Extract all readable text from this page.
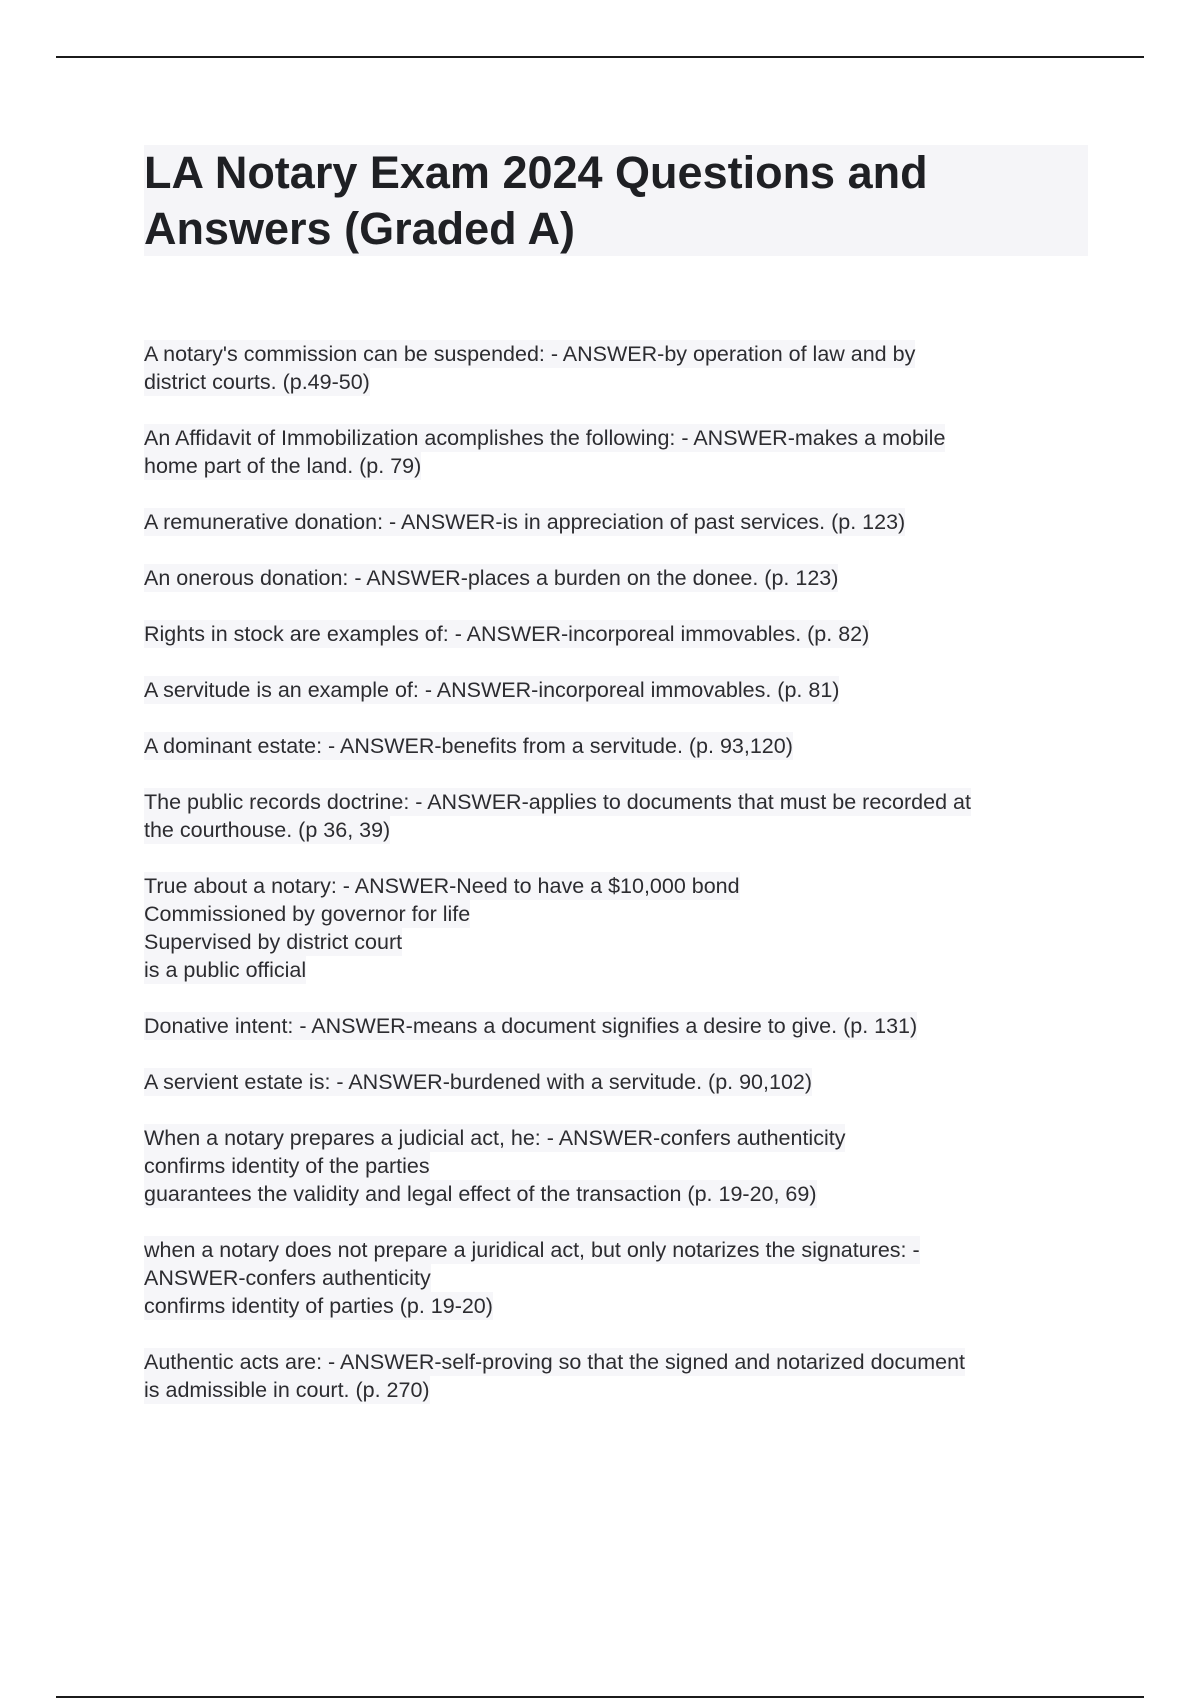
LA Notary Exam 2024 Questions and
Answers (Graded A)
A notary's commission can be suspended: - ANSWER-by operation of law and by
district courts. (p.49-50)
An Affidavit of Immobilization acomplishes the following: - ANSWER-makes a mobile
home part of the land. (p. 79)
A remunerative donation: - ANSWER-is in appreciation of past services. (p. 123)
An onerous donation: - ANSWER-places a burden on the donee. (p. 123)
Rights in stock are examples of: - ANSWER-incorporeal immovables. (p. 82)
A servitude is an example of: - ANSWER-incorporeal immovables. (p. 81)
A dominant estate: - ANSWER-benefits from a servitude. (p. 93,120)
The public records doctrine: - ANSWER-applies to documents that must be recorded at
the courthouse. (p 36, 39)
True about a notary: - ANSWER-Need to have a $10,000 bond
Commissioned by governor for life
Supervised by district court
is a public official
Donative intent: - ANSWER-means a document signifies a desire to give. (p. 131)
A servient estate is: - ANSWER-burdened with a servitude. (p. 90,102)
When a notary prepares a judicial act, he: - ANSWER-confers authenticity
confirms identity of the parties
guarantees the validity and legal effect of the transaction (p. 19-20, 69)
when a notary does not prepare a juridical act, but only notarizes the signatures: -
ANSWER-confers authenticity
confirms identity of parties (p. 19-20)
Authentic acts are: - ANSWER-self-proving so that the signed and notarized document
is admissible in court. (p. 270)
